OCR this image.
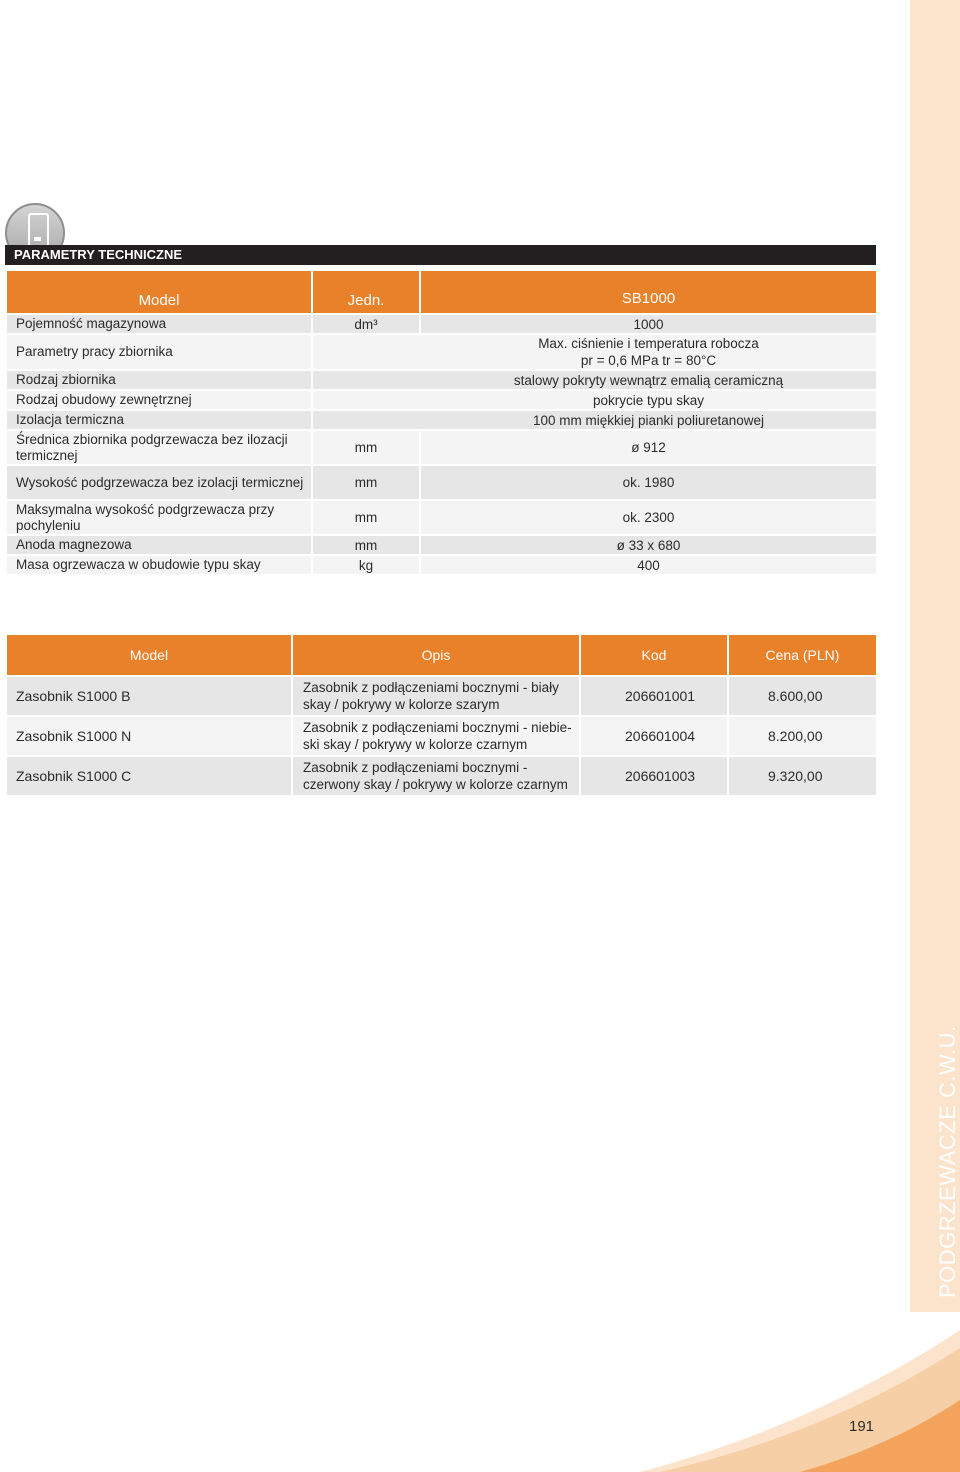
PODGRZEWACZE C.W.U.
PARAMETRY TECHNICZNE
Model	Jedn.	SB1000
Pojemność magazynowa	dm³	1000
Parametry pracy zbiornika		Max. ciśnienie i temperatura robocza
pr = 0,6 MPa tr = 80°C
Rodzaj zbiornika		stalowy pokryty wewnątrz emalią ceramiczną
Rodzaj obudowy zewnętrznej		pokrycie typu skay
Izolacja termiczna		100 mm miękkiej pianki poliuretanowej
Średnica zbiornika podgrzewacza bez ilozacji termicznej	mm	ø 912
Wysokość podgrzewacza bez izolacji termicznej	mm	ok. 1980
Maksymalna wysokość podgrzewacza przy pochyleniu	mm	ok. 2300
Anoda magnezowa	mm	ø 33 x 680
Masa ogrzewacza w obudowie typu skay	kg	400
Model	Opis	Kod	Cena (PLN)
Zasobnik S1000 B	Zasobnik z podłączeniami bocznymi - biały
skay / pokrywy w kolorze szarym	206601001	8.600,00
Zasobnik S1000 N	Zasobnik z podłączeniami bocznymi - niebie-
ski skay / pokrywy w kolorze czarnym	206601004	8.200,00
Zasobnik S1000 C	Zasobnik z podłączeniami bocznymi -
czerwony skay / pokrywy w kolorze czarnym	206601003	9.320,00
191
